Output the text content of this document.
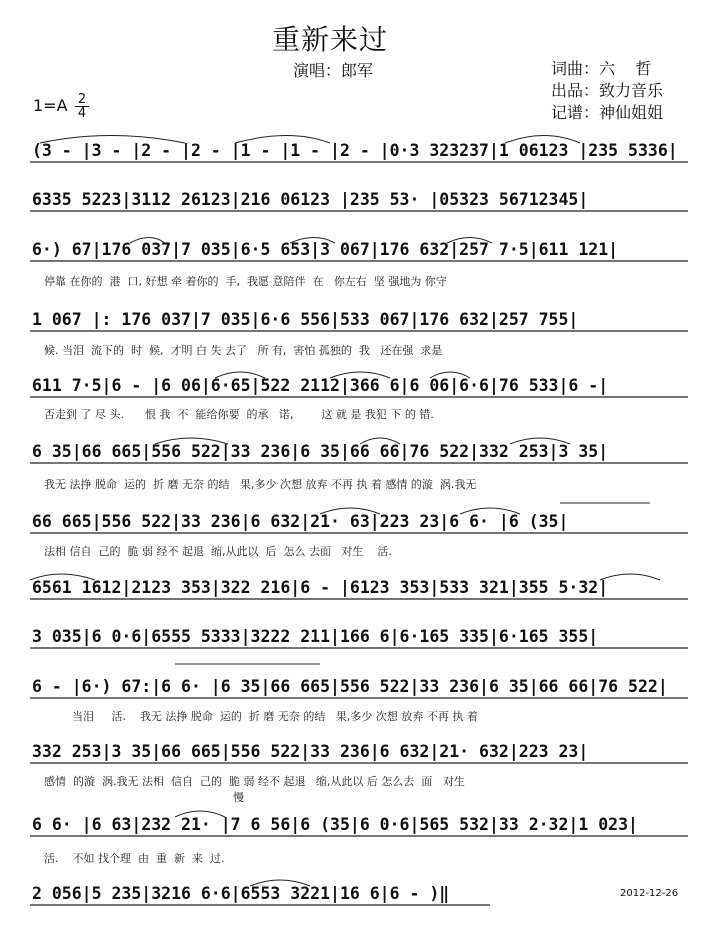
重新来过
演唱：郎军	词曲：六    哲
出品：致力音乐
记谱：神仙姐姐
1=A 2
4
(3 - |3 - |2 - |2 - |1 - |1 - |2 - |0·3 323237|1 06123 |235 5336|
6335 5223|3112 26123|216 06123 |235 53· |05323 56712345|
6·) 67|176 037|7 035|6·5 653|3 067|176 632|257 7·5|611 121|
停靠 在你的  港  口, 好想 牵 着你的  手,  我愿 意陪伴  在   你左右  坚 强地为 你守
1 067 |: 176 037|7 035|6·6 556|533 067|176 632|257 755|
候. 当泪  流下的  时  候,  才明 白 失 去了   所 有,  害怕 孤独的  我   还在强  求是
611 7·5|6 - |6 06|6·65|522 2112|366 6|6 06|6·6|76 533|6 -|
否走到 了 尽 头.      恨 我  不  能给你要  的承   诺,        这 就 是 我犯 下 的 错.
6 35|66 665|556 522|33 236|6 35|66 66|76 522|332 253|3 35|
我无 法挣 脱命  运的  折 磨 无奈 的结   果,多少 次想 放弃 不再 执 着 感情 的漩  涡.我无
66 665|556 522|33 236|6 632|21· 63|223 23|6 6· |6 (35|
法相 信自  己的  脆 弱 经不 起退  缩,从此以  后  怎么 去面   对生    活.
6561 1612|2123 353|322 216|6 - |6123 353|533 321|355 5·32|
3 035|6 0·6|6555 5333|3222 211|166 6|6·165 335|6·165 355|
6 - |6·) 67:|6 6· |6 35|66 665|556 522|33 236|6 35|66 66|76 522|
当泪     活.    我无 法挣 脱命  运的  折 磨 无奈 的结   果,多少 次想 放弃 不再 执 着
332 253|3 35|66 665|556 522|33 236|6 632|21· 632|223 23|
感情  的漩  涡.我无 法相  信自  己的  脆 弱 经不 起退   缩,从此以 后 怎么去  面   对生
慢
6 6· |6 63|232 21· |7 6 56|6 (35|6 0·6|565 532|33 2·32|1 023|
活.    不如 找个理  由  重  新  来  过.
2 056|5 235|3216 6·6|6553 3221|16 6|6 - )‖	2012-12-26
